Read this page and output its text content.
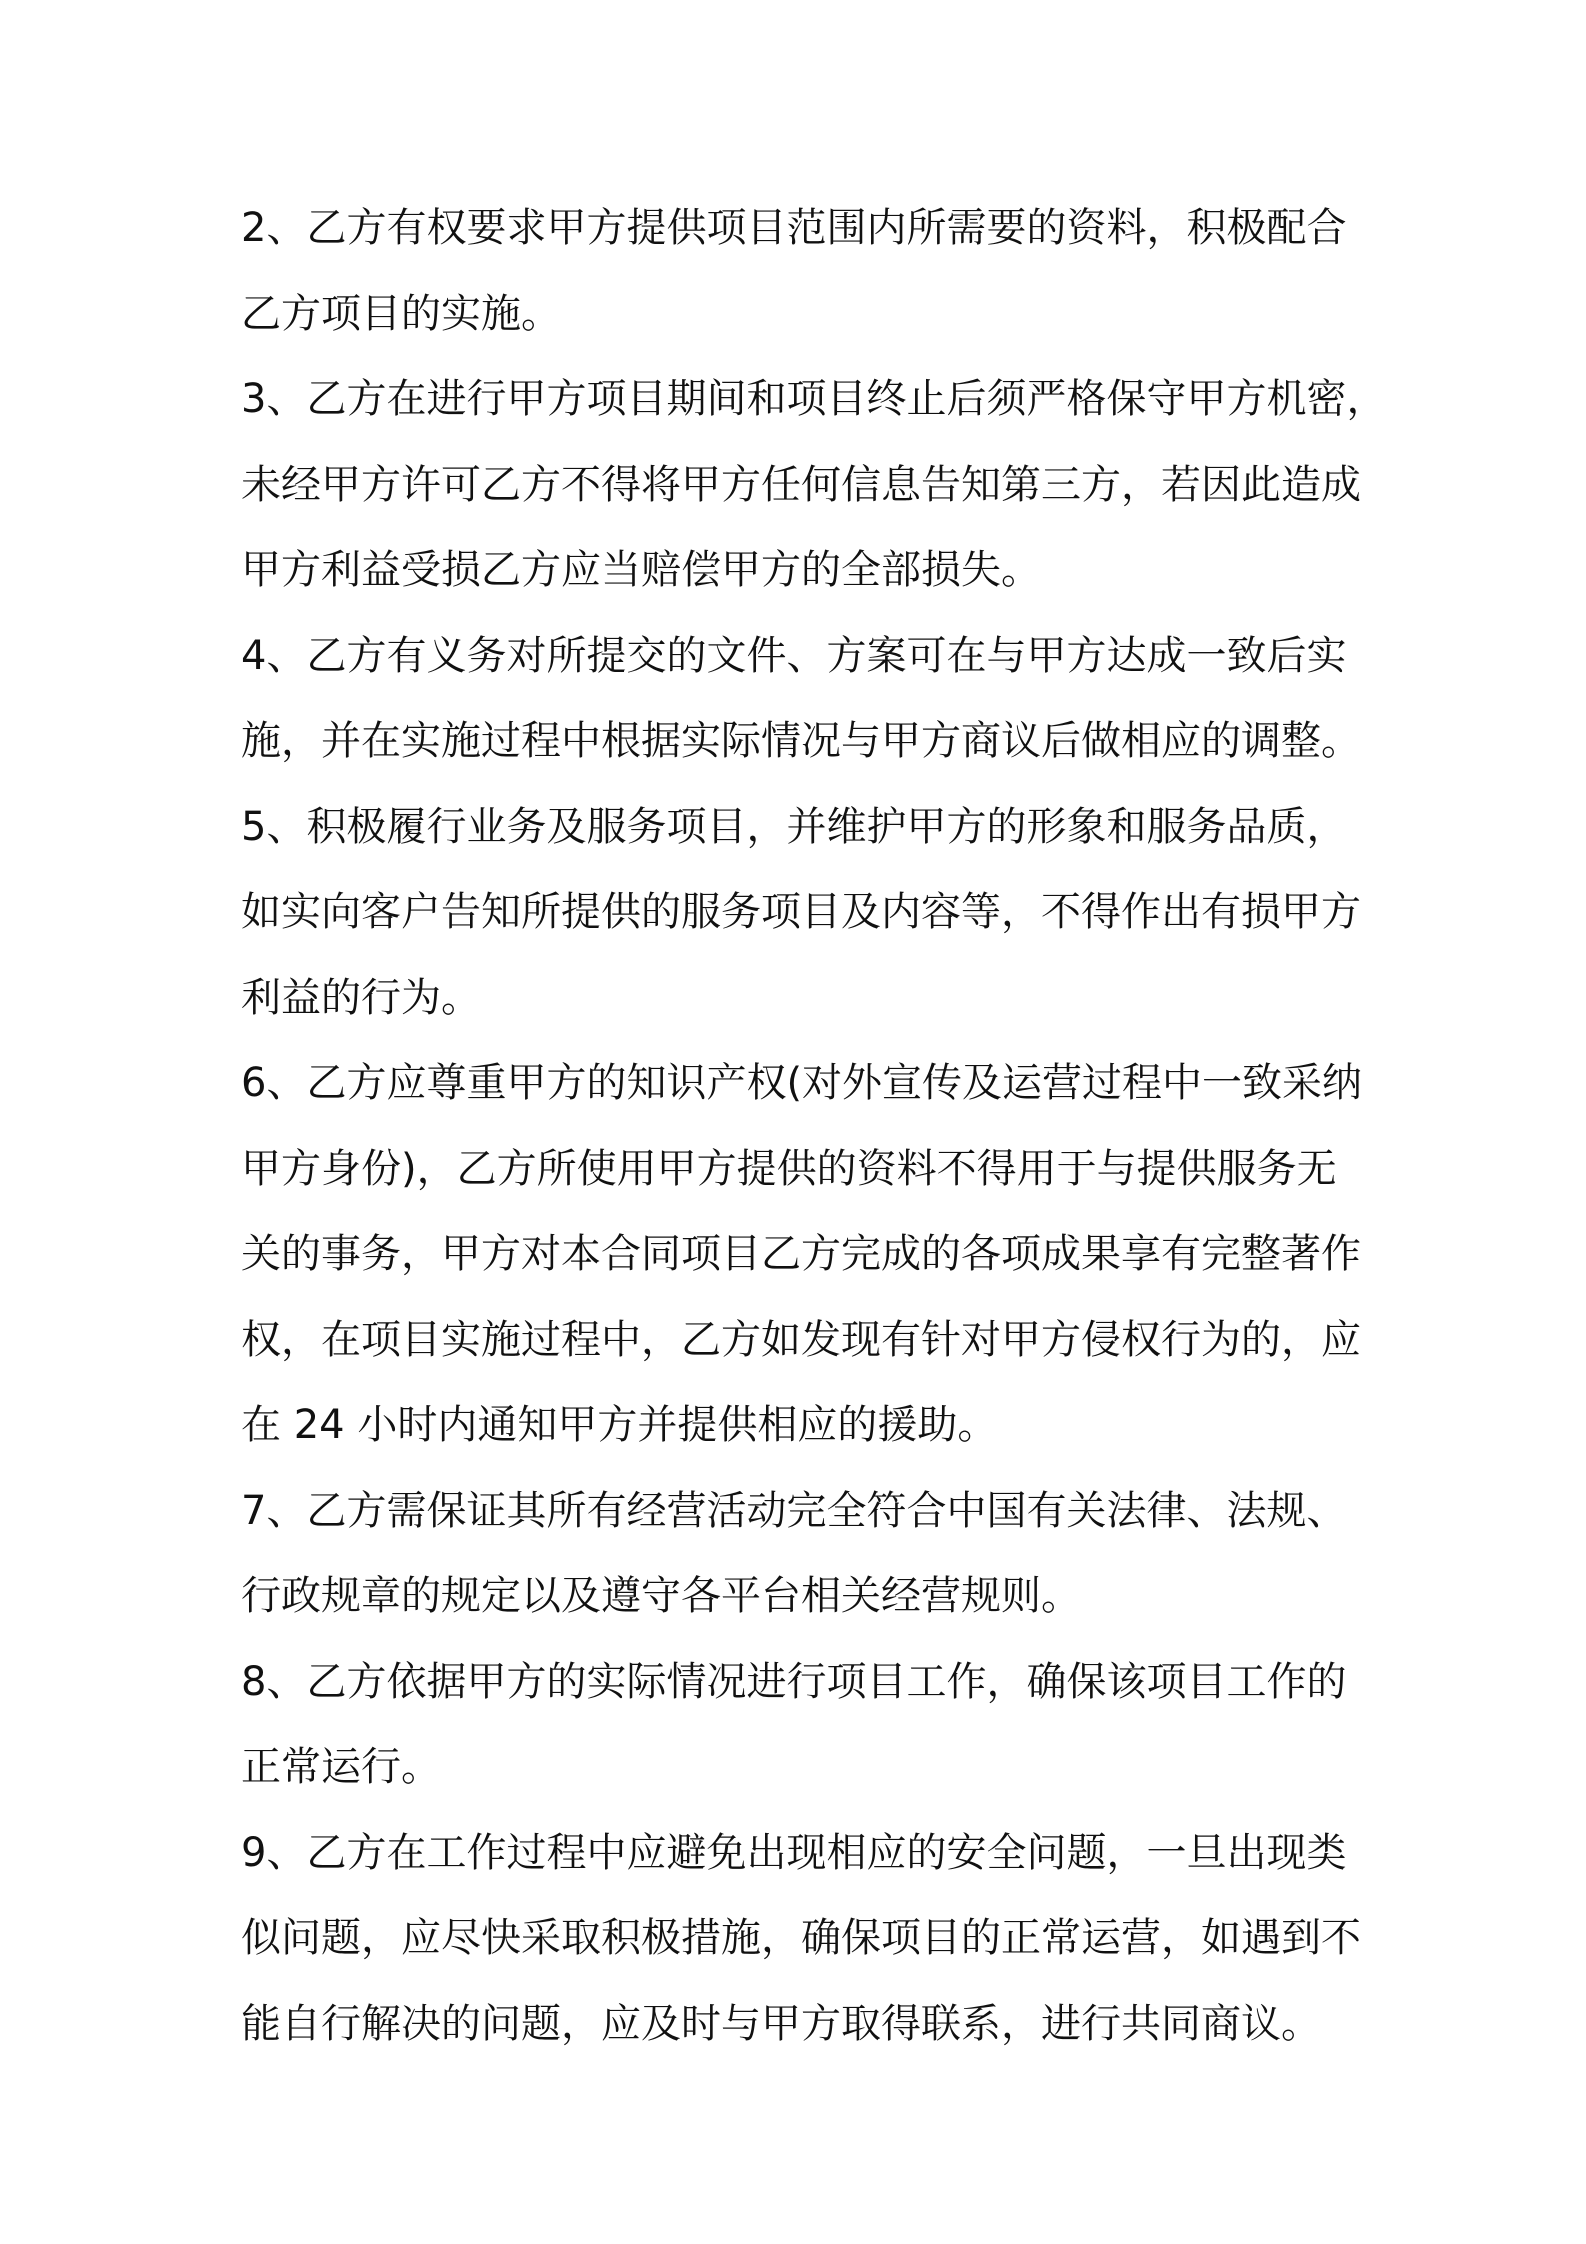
2、乙方有权要求甲方提供项目范围内所需要的资料，积极配合
乙方项目的实施。
3、乙方在进行甲方项目期间和项目终止后须严格保守甲方机密，
未经甲方许可乙方不得将甲方任何信息告知第三方，若因此造成
甲方利益受损乙方应当赔偿甲方的全部损失。
4、乙方有义务对所提交的文件、方案可在与甲方达成一致后实
施，并在实施过程中根据实际情况与甲方商议后做相应的调整。
5、积极履行业务及服务项目，并维护甲方的形象和服务品质，
如实向客户告知所提供的服务项目及内容等，不得作出有损甲方
利益的行为。
6、乙方应尊重甲方的知识产权(对外宣传及运营过程中一致采纳
甲方身份)，乙方所使用甲方提供的资料不得用于与提供服务无
关的事务，甲方对本合同项目乙方完成的各项成果享有完整著作
权，在项目实施过程中，乙方如发现有针对甲方侵权行为的，应
在 24 小时内通知甲方并提供相应的援助。
7、乙方需保证其所有经营活动完全符合中国有关法律、法规、
行政规章的规定以及遵守各平台相关经营规则。
8、乙方依据甲方的实际情况进行项目工作，确保该项目工作的
正常运行。
9、乙方在工作过程中应避免出现相应的安全问题，一旦出现类
似问题，应尽快采取积极措施，确保项目的正常运营，如遇到不
能自行解决的问题，应及时与甲方取得联系，进行共同商议。
